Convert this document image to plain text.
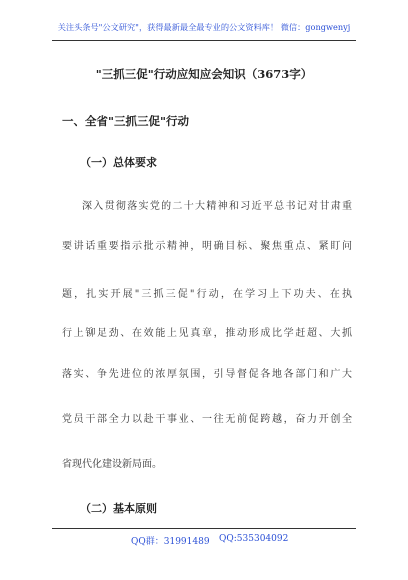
关注头条号"公文研究"，获得最新最全最专业的公文资料库！ 微信：gongwenyj
"三抓三促"行动应知应会知识（3673字）
一、全省"三抓三促"行动
（一）总体要求
深入贯彻落实党的二十大精神和习近平总书记对甘肃重
要讲话重要指示批示精神，明确目标、聚焦重点、紧盯问
题，扎实开展"三抓三促"行动，在学习上下功夫、在执
行上铆足劲、在效能上见真章，推动形成比学赶超、大抓
落实、争先进位的浓厚氛围，引导督促各地各部门和广大
党员干部全力以赴干事业、一往无前促跨越，奋力开创全
省现代化建设新局面。
（二）基本原则
QQ群：31991489 QQ:535304092
